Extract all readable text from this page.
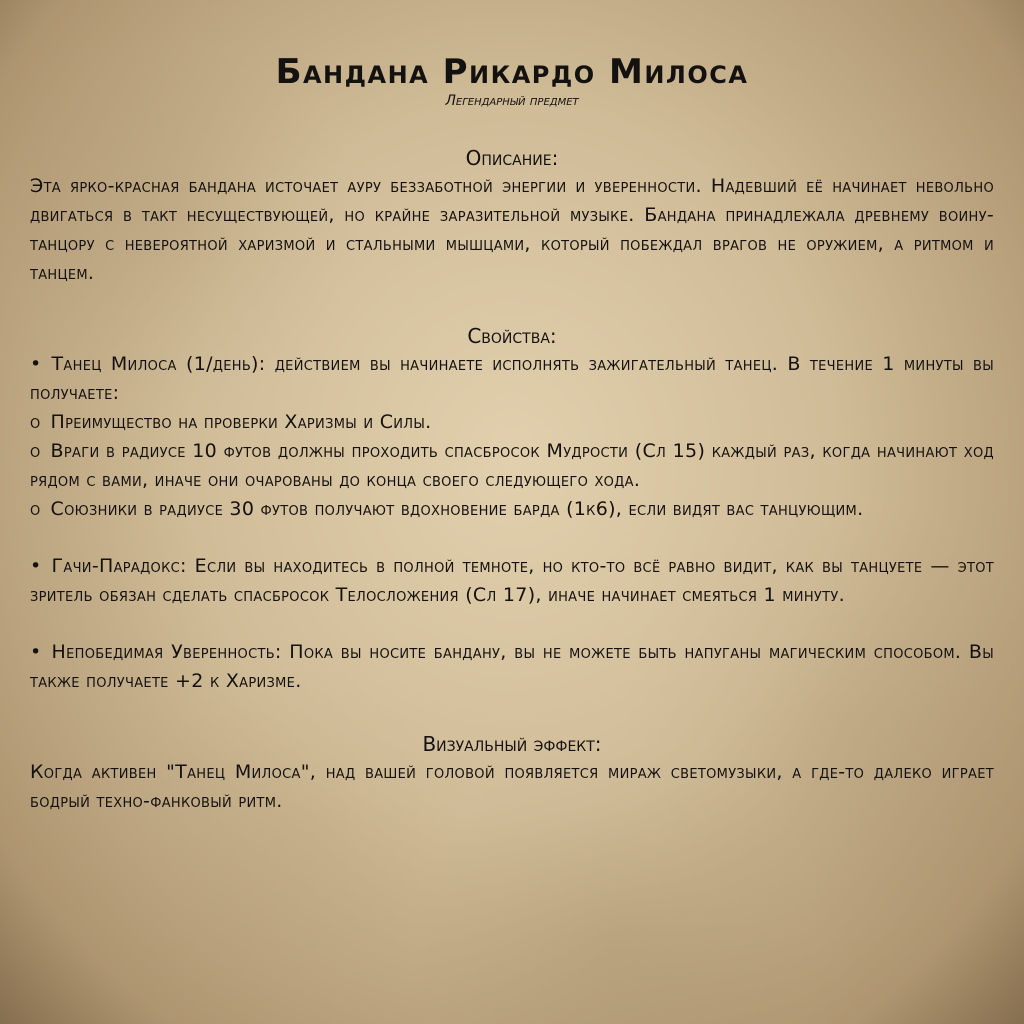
Бандана Рикардо Милоса
Легендарный предмет
Описание:

Эта ярко-красная бандана источает ауру беззаботной энергии и уверенности. Надевший её начинает невольно двигаться в такт несуществующей, но крайне заразительной музыке. Бандана принадлежала древнему воину-танцору с невероятной харизмой и стальными мышцами, который побеждал врагов не оружием, а ритмом и танцем.

Свойства:

• Танец Милоса (1/день): действием вы начинаете исполнять зажигательный танец. В течение 1 минуты вы получаете:

o Преимущество на проверки Харизмы и Силы.

o Враги в радиусе 10 футов должны проходить спасбросок Мудрости (Сл 15) каждый раз, когда начинают ход рядом с вами, иначе они очарованы до конца своего следующего хода.

o Союзники в радиусе 30 футов получают вдохновение барда (1к6), если видят вас танцующим.

• Гачи-Парадокс: Если вы находитесь в полной темноте, но кто-то всё равно видит, как вы танцуете — этот зритель обязан сделать спасбросок Телосложения (Сл 17), иначе начинает смеяться 1 минуту.

• Непобедимая Уверенность: Пока вы носите бандану, вы не можете быть напуганы магическим способом. Вы также получаете +2 к Харизме.

Визуальный эффект:

Когда активен "Танец Милоса", над вашей головой появляется мираж светомузыки, а где-то далеко играет бодрый техно-фанковый ритм.
